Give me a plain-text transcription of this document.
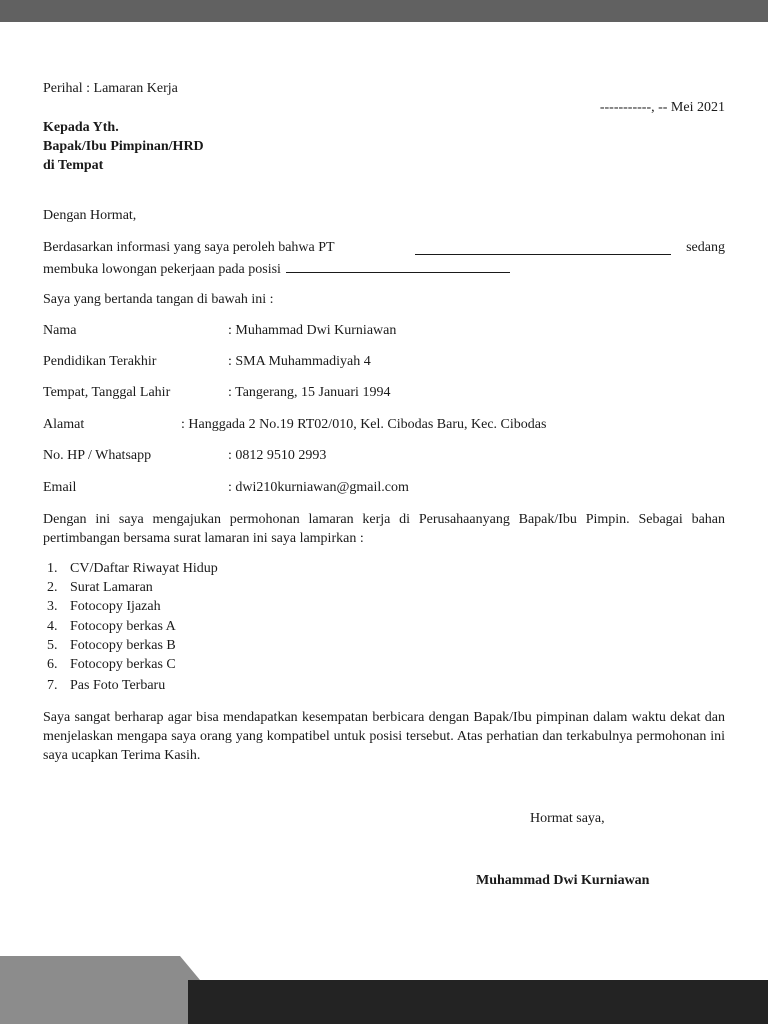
Perihal : Lamaran Kerja
-----------, -- Mei 2021
Kepada Yth.
Bapak/Ibu Pimpinan/HRD
di Tempat
Dengan Hormat,
Berdasarkan informasi yang saya peroleh bahwa PT	sedang
membuka lowongan pekerjaan pada posisi
Saya yang bertanda tangan di bawah ini :
Nama	: Muhammad Dwi Kurniawan
Pendidikan Terakhir	: SMA Muhammadiyah 4
Tempat, Tanggal Lahir	: Tangerang, 15 Januari 1994
Alamat	: Hanggada 2 No.19 RT02/010, Kel. Cibodas Baru, Kec. Cibodas
No. HP / Whatsapp	: 0812 9510 2993
Email	: dwi210kurniawan@gmail.com
Dengan ini saya mengajukan permohonan lamaran kerja di Perusahaanyang Bapak/Ibu Pimpin. Sebagai bahan pertimbangan bersama surat lamaran ini saya lampirkan :
1. CV/Daftar Riwayat Hidup
2. Surat Lamaran
3. Fotocopy Ijazah
4. Fotocopy berkas A
5. Fotocopy berkas B
6. Fotocopy berkas C
7. Pas Foto Terbaru
Saya sangat berharap agar bisa mendapatkan kesempatan berbicara dengan Bapak/Ibu pimpinan dalam waktu dekat dan menjelaskan mengapa saya orang yang kompatibel untuk posisi tersebut. Atas perhatian dan terkabulnya permohonan ini saya ucapkan Terima Kasih.
Hormat saya,
Muhammad Dwi Kurniawan
